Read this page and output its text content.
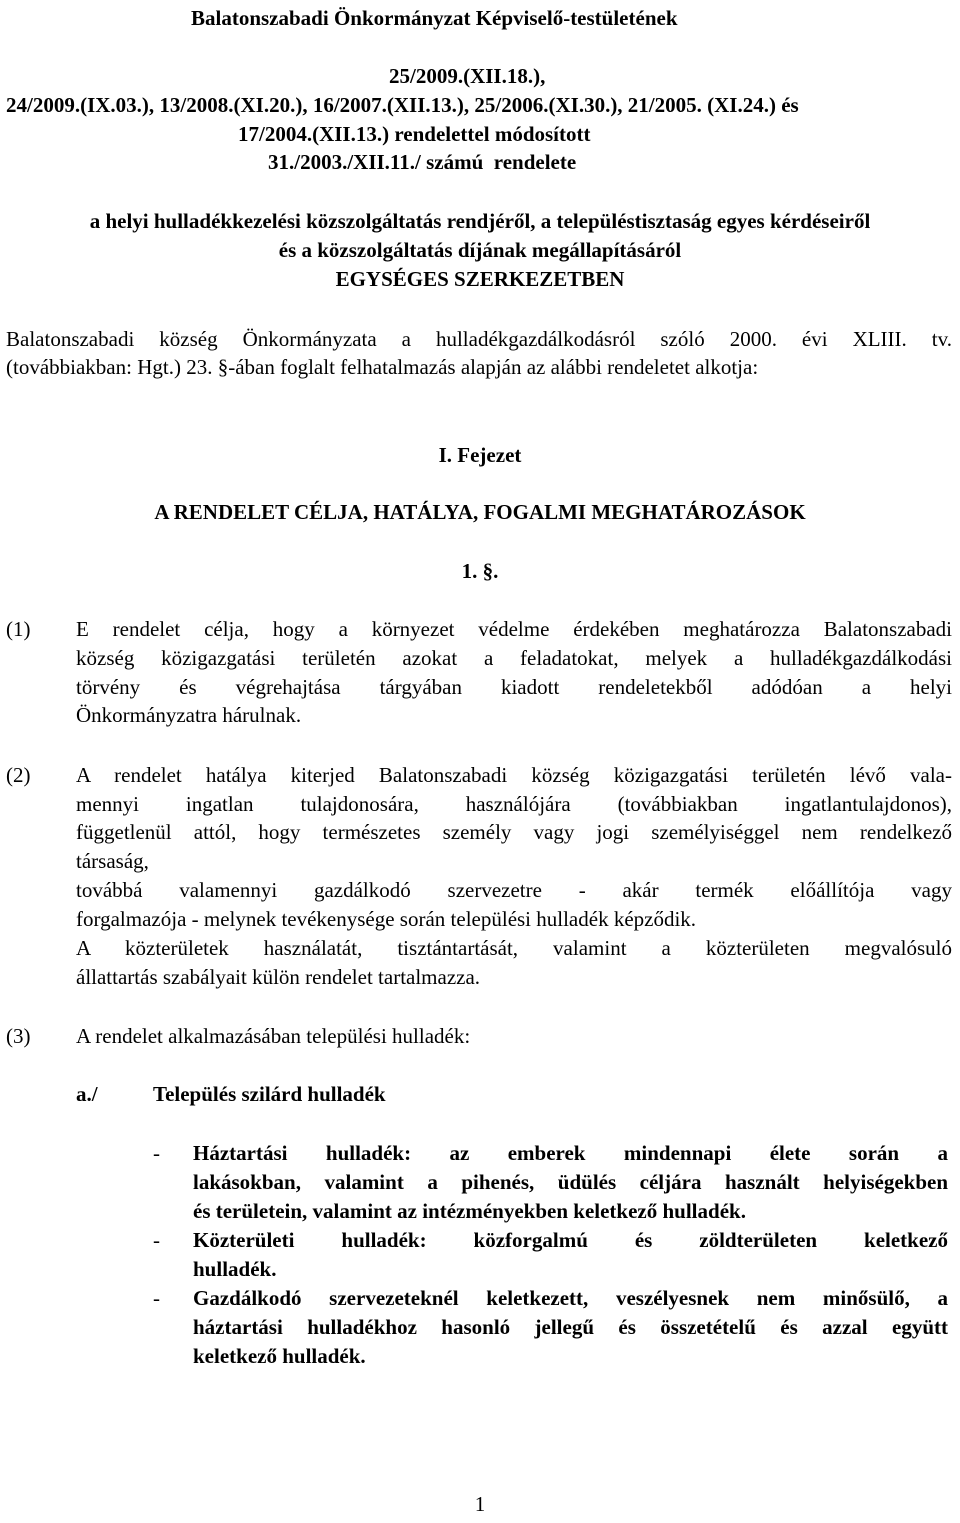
Balatonszabadi Önkormányzat Képviselő-testületének
25/2009.(XII.18.),
24/2009.(IX.03.), 13/2008.(XI.20.), 16/2007.(XII.13.), 25/2006.(XI.30.), 21/2005. (XI.24.) és
17/2004.(XII.13.) rendelettel módosított
31./2003./XII.11./ számú  rendelete
a helyi hulladékkezelési közszolgáltatás rendjéről, a településtisztaság egyes kérdéseiről
és a közszolgáltatás díjának megállapításáról
EGYSÉGES SZERKEZETBEN
Balatonszabadi község Önkormányzata a hulladékgazdálkodásról szóló 2000. évi XLIII. tv.
(továbbiakban: Hgt.) 23. §-ában foglalt felhatalmazás alapján az alábbi rendeletet alkotja:
I. Fejezet
A RENDELET CÉLJA, HATÁLYA, FOGALMI MEGHATÁROZÁSOK
1. §.
(1) E rendelet célja, hogy a környezet védelme érdekében meghatározza Balatonszabadi
község közigazgatási területén azokat a feladatokat, melyek a hulladékgazdálkodási
törvény és végrehajtása tárgyában kiadott rendeletekből adódóan a helyi
Önkormányzatra hárulnak.
(2) A rendelet hatálya kiterjed Balatonszabadi község közigazgatási területén lévő vala-
mennyi ingatlan tulajdonosára, használójára (továbbiakban ingatlantulajdonos),
függetlenül attól, hogy természetes személy vagy jogi személyiséggel nem rendelkező
társaság,
továbbá valamennyi gazdálkodó szervezetre - akár termék előállítója vagy
forgalmazója - melynek tevékenysége során települési hulladék képződik.
A közterületek használatát, tisztántartását, valamint a közterületen megvalósuló
állattartás szabályait külön rendelet tartalmazza.
(3) A rendelet alkalmazásában települési hulladék:
a./	Település szilárd hulladék
- Háztartási hulladék: az emberek mindennapi élete során a
lakásokban, valamint a pihenés, üdülés céljára használt helyiségekben
és területein, valamint az intézményekben keletkező hulladék.
- Közterületi hulladék: közforgalmú és zöldterületen keletkező
hulladék.
- Gazdálkodó szervezeteknél keletkezett, veszélyesnek nem minősülő, a
háztartási hulladékhoz hasonló jellegű és összetételű és azzal együtt
keletkező hulladék.
1
